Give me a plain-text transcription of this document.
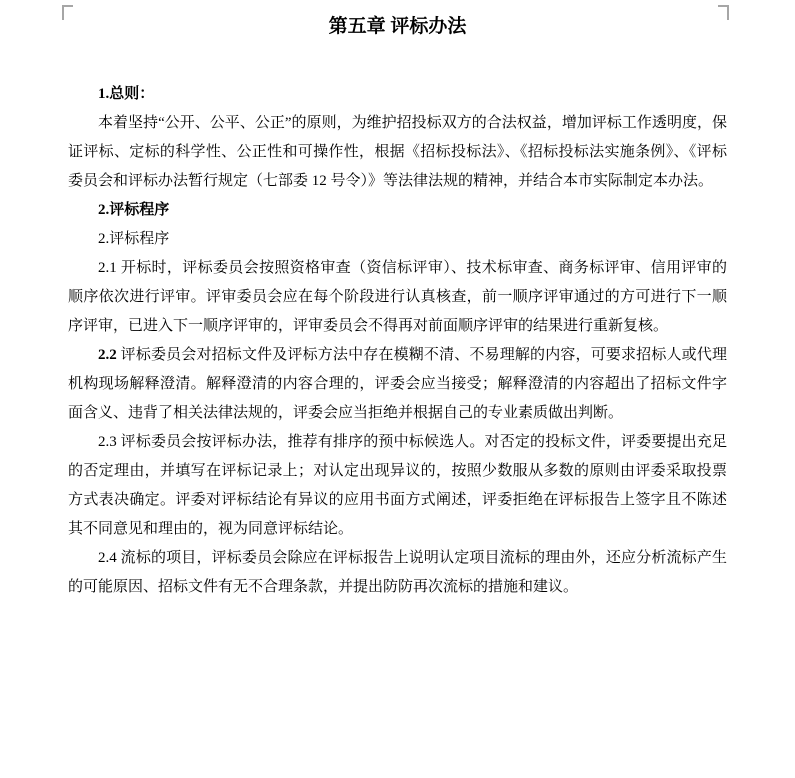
第五章 评标办法

1.总则：

本着坚持“公开、公平、公正”的原则，为维护招投标双方的合法权益，增加评标工作透明度，保证评标、定标的科学性、公正性和可操作性，根据《招标投标法》、《招标投标法实施条例》、《评标委员会和评标办法暂行规定（七部委 12 号令）》等法律法规的精神，并结合本市实际制定本办法。

2.评标程序

2.评标程序

2.1 开标时，评标委员会按照资格审查（资信标评审）、技术标审查、商务标评审、信用评审的顺序依次进行评审。评审委员会应在每个阶段进行认真核查，前一顺序评审通过的方可进行下一顺序评审，已进入下一顺序评审的，评审委员会不得再对前面顺序评审的结果进行重新复核。

2.2 评标委员会对招标文件及评标方法中存在模糊不清、不易理解的内容，可要求招标人或代理机构现场解释澄清。解释澄清的内容合理的，评委会应当接受；解释澄清的内容超出了招标文件字面含义、违背了相关法律法规的，评委会应当拒绝并根据自己的专业素质做出判断。

2.3 评标委员会按评标办法，推荐有排序的预中标候选人。对否定的投标文件，评委要提出充足的否定理由，并填写在评标记录上；对认定出现异议的，按照少数服从多数的原则由评委采取投票方式表决确定。评委对评标结论有异议的应用书面方式阐述，评委拒绝在评标报告上签字且不陈述其不同意见和理由的，视为同意评标结论。

2.4 流标的项目，评标委员会除应在评标报告上说明认定项目流标的理由外，还应分析流标产生的可能原因、招标文件有无不合理条款，并提出防防再次流标的措施和建议。
